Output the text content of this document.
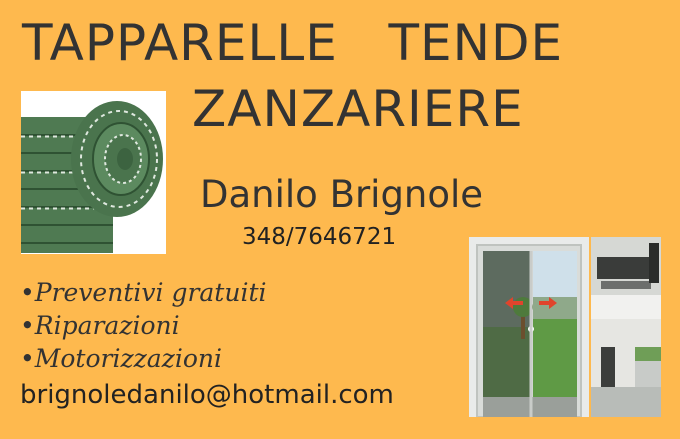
TAPPARELLE   TENDE
ZANZARIERE
Danilo Brignole
348/7646721
•Preventivi gratuiti
•Riparazioni
•Motorizzazioni
brignoledanilo@hotmail.com
